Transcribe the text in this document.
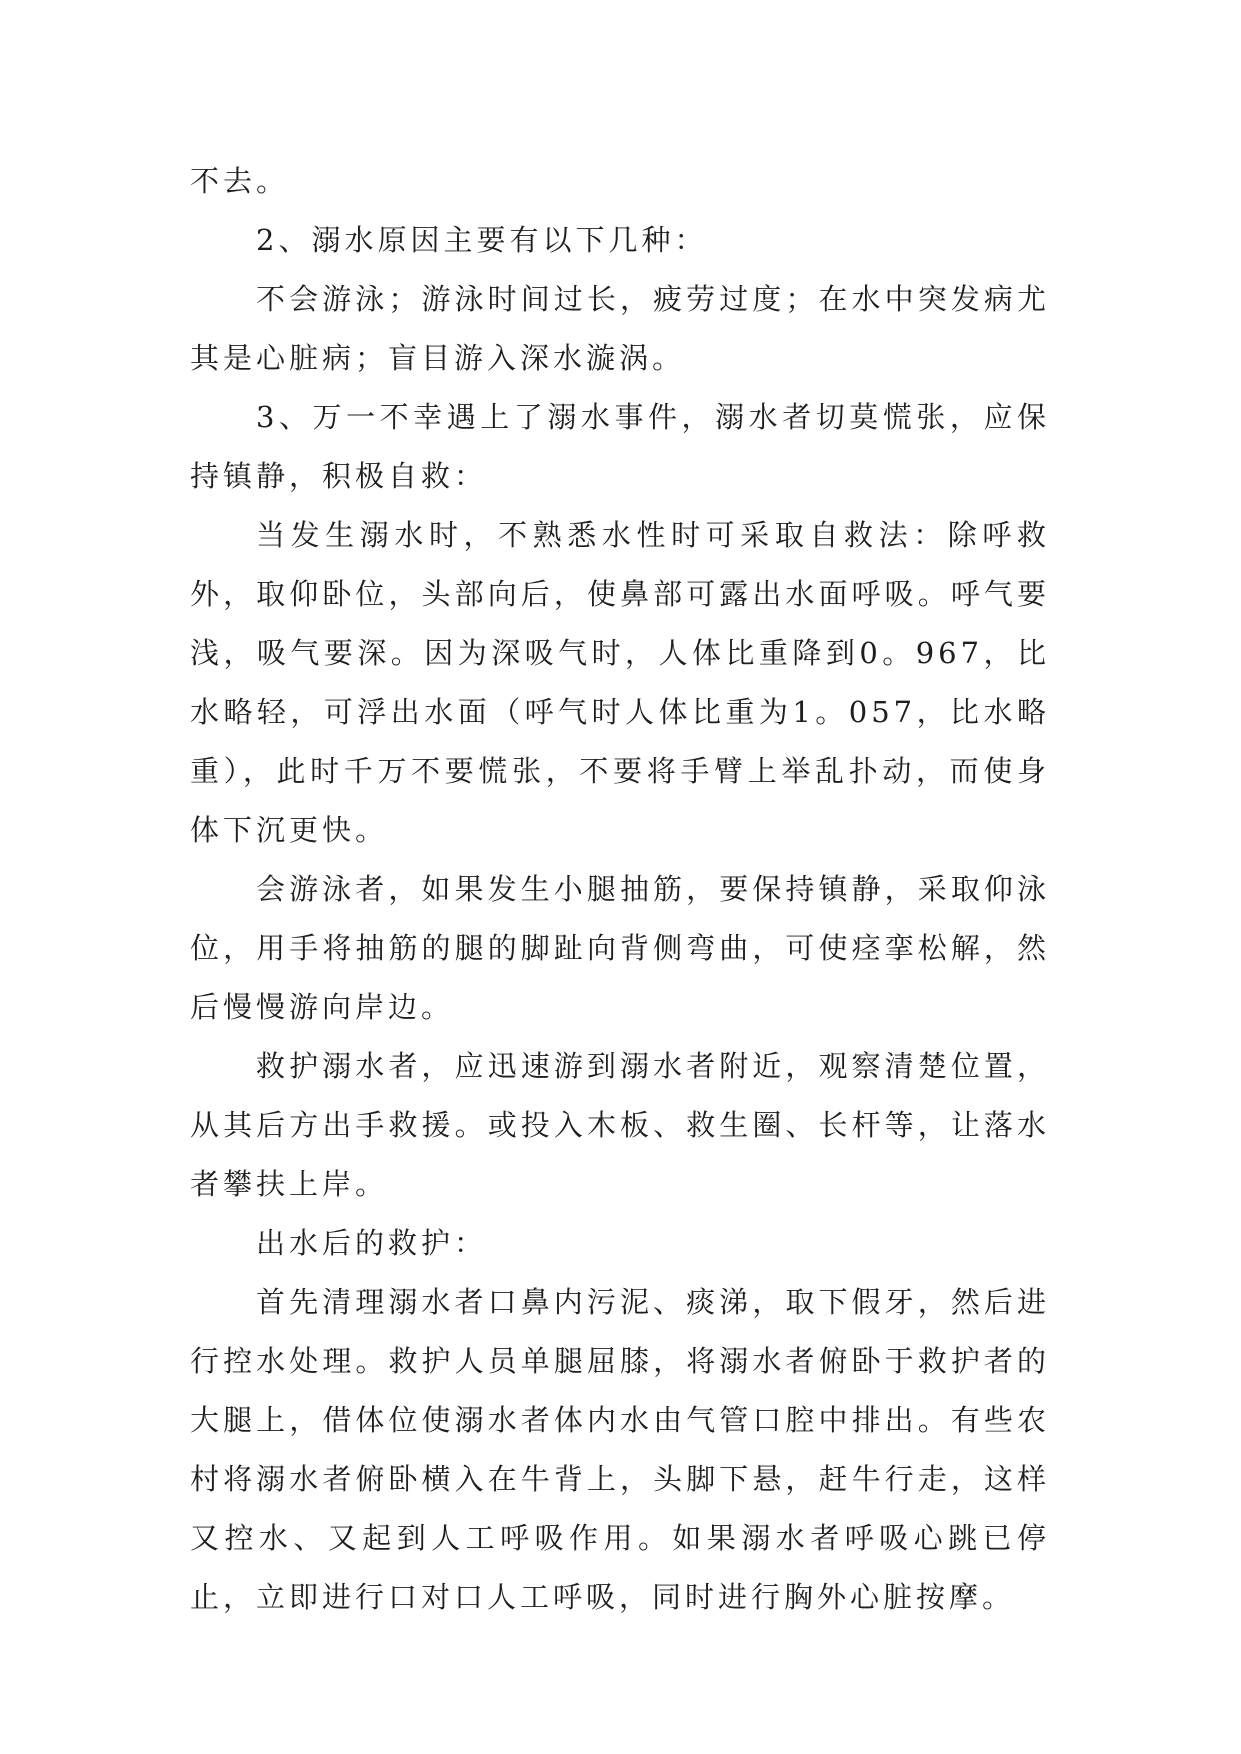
不去。

2、溺水原因主要有以下几种：

不会游泳；游泳时间过长，疲劳过度；在水中突发病尤其是心脏病；盲目游入深水漩涡。

3、万一不幸遇上了溺水事件，溺水者切莫慌张，应保持镇静，积极自救：

当发生溺水时，不熟悉水性时可采取自救法：除呼救外，取仰卧位，头部向后，使鼻部可露出水面呼吸。呼气要浅，吸气要深。因为深吸气时，人体比重降到0。967，比水略轻，可浮出水面（呼气时人体比重为1。057，比水略重），此时千万不要慌张，不要将手臂上举乱扑动，而使身体下沉更快。

会游泳者，如果发生小腿抽筋，要保持镇静，采取仰泳位，用手将抽筋的腿的脚趾向背侧弯曲，可使痉挛松解，然后慢慢游向岸边。

救护溺水者，应迅速游到溺水者附近，观察清楚位置，从其后方出手救援。或投入木板、救生圈、长杆等，让落水者攀扶上岸。

出水后的救护：

首先清理溺水者口鼻内污泥、痰涕，取下假牙，然后进行控水处理。救护人员单腿屈膝，将溺水者俯卧于救护者的大腿上，借体位使溺水者体内水由气管口腔中排出。有些农村将溺水者俯卧横入在牛背上，头脚下悬，赶牛行走，这样又控水、又起到人工呼吸作用。如果溺水者呼吸心跳已停止，立即进行口对口人工呼吸，同时进行胸外心脏按摩。
